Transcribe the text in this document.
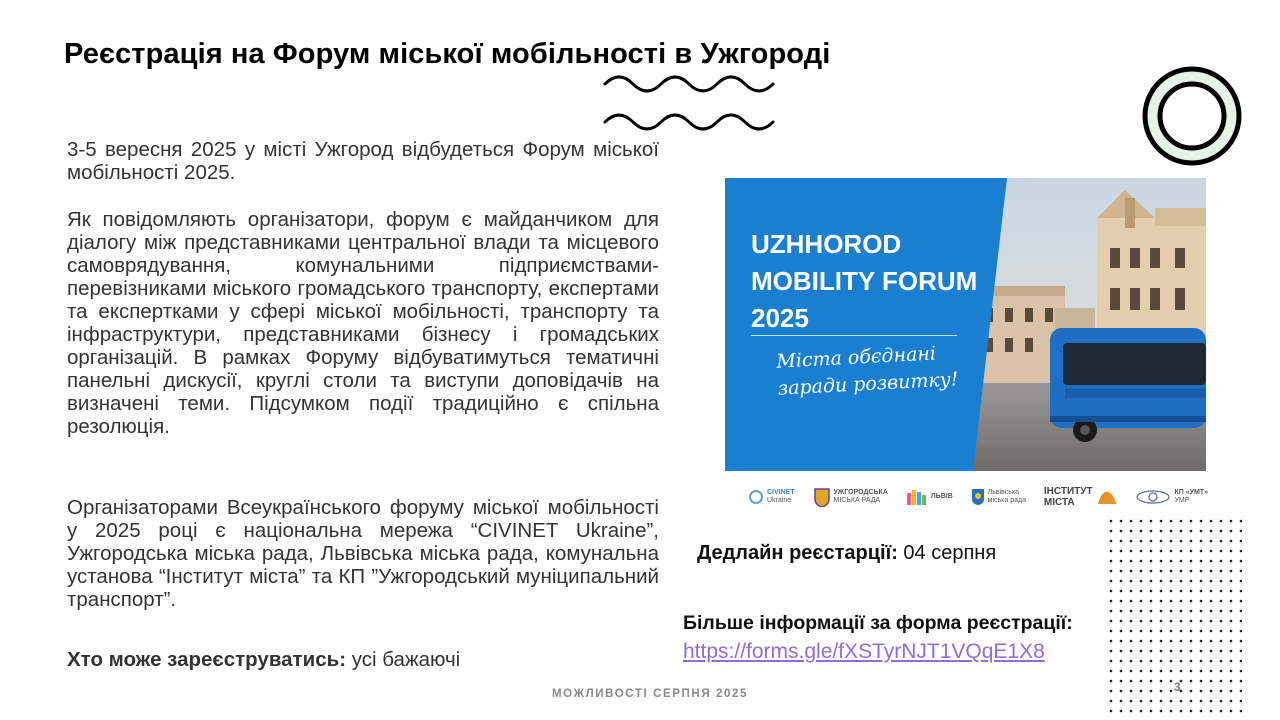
Реєстрація на Форум міської мобільності в Ужгороді
3-5 вересня 2025 у місті Ужгород відбудеться Форум міської мобільності 2025.
Як повідомляють організатори, форум є майданчиком для діалогу між представниками центральної влади та місцевого самоврядування, комунальними підприємствами-перевізниками міського громадського транспорту, експертами та експертками у сфері міської мобільності, транспорту та інфраструктури, представниками бізнесу і громадських організацій. В рамках Форуму відбуватимуться тематичні панельні дискусії, круглі столи та виступи доповідачів на визначені теми. Підсумком події традиційно є спільна резолюція.
Організаторами Всеукраїнського форуму міської мобільності у 2025 році є національна мережа “CIVINET Ukraine”, Ужгородська міська рада, Львівська міська рада, комунальна установа “Інститут міста” та КП ”Ужгородський муніципальний транспорт”.
Хто може зареєструватись: усі бажаючі
UZHHOROD
MOBILITY FORUM
2025
Міста обєднані
заради розвитку!
CIVINET
Ukraine
УЖГОРОДСЬКА
МІСЬКА РАДА
ЛЬВІВ
Львівська
міська рада
ІНСТИТУТ
МІСТА
КП «УМТ»
УМР
Дедлайн реєстарції: 04 серпня
Більше інформації за форма реєстрації:
https://forms.gle/fXSTyrNJT1VQqE1X8
МОЖЛИВОСТІ СЕРПНЯ 2025	3
